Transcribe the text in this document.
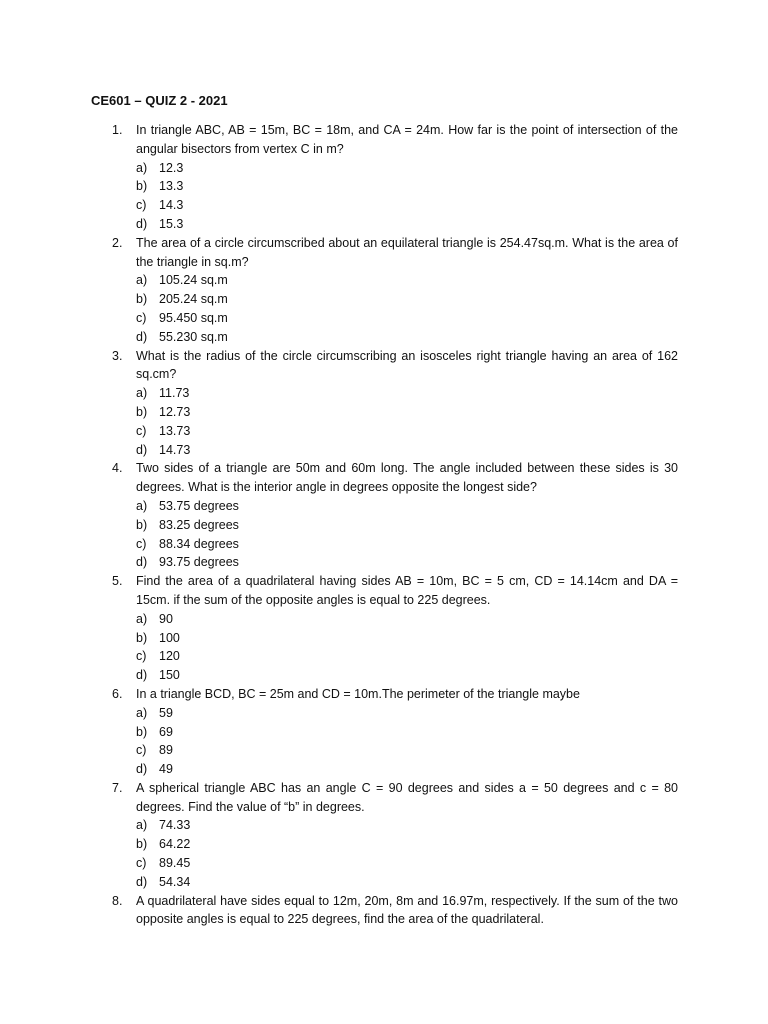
CE601 – QUIZ 2 - 2021
1. In triangle ABC, AB = 15m, BC = 18m, and CA = 24m. How far is the point of intersection of the angular bisectors from vertex C in m?
a) 12.3
b) 13.3
c) 14.3
d) 15.3
2. The area of a circle circumscribed about an equilateral triangle is 254.47sq.m. What is the area of the triangle in sq.m?
a) 105.24 sq.m
b) 205.24 sq.m
c) 95.450 sq.m
d) 55.230 sq.m
3. What is the radius of the circle circumscribing an isosceles right triangle having an area of 162 sq.cm?
a) 11.73
b) 12.73
c) 13.73
d) 14.73
4. Two sides of a triangle are 50m and 60m long. The angle included between these sides is 30 degrees. What is the interior angle in degrees opposite the longest side?
a) 53.75 degrees
b) 83.25 degrees
c) 88.34 degrees
d) 93.75 degrees
5. Find the area of a quadrilateral having sides AB = 10m, BC = 5 cm, CD = 14.14cm and DA = 15cm. if the sum of the opposite angles is equal to 225 degrees.
a) 90
b) 100
c) 120
d) 150
6. In a triangle BCD, BC = 25m and CD = 10m.The perimeter of the triangle maybe
a) 59
b) 69
c) 89
d) 49
7. A spherical triangle ABC has an angle C = 90 degrees and sides a = 50 degrees and c = 80 degrees. Find the value of “b” in degrees.
a) 74.33
b) 64.22
c) 89.45
d) 54.34
8. A quadrilateral have sides equal to 12m, 20m, 8m and 16.97m, respectively. If the sum of the two opposite angles is equal to 225 degrees, find the area of the quadrilateral.
